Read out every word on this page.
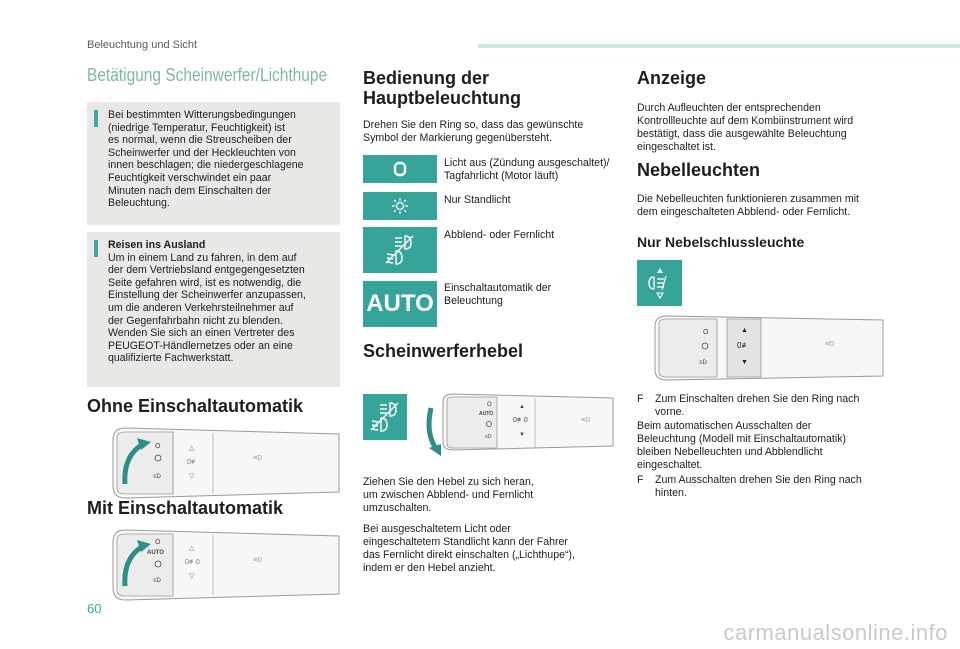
Beleuchtung und Sicht
Betätigung Scheinwerfer/Lichthupe

Bei bestimmten Witterungsbedingungen

(niedrige Temperatur, Feuchtigkeit) ist

es normal, wenn die Streuscheiben der

Scheinwerfer und der Heckleuchten von

innen beschlagen; die niedergeschlagene

Feuchtigkeit verschwindet ein paar

Minuten nach dem Einschalten der

Beleuchtung.

Reisen ins Ausland

Um in einem Land zu fahren, in dem auf

der dem Vertriebsland entgegengesetzten

Seite gefahren wird, ist es notwendig, die

Einstellung der Scheinwerfer anzupassen,

um die anderen Verkehrsteilnehmer auf

der Gegenfahrbahn nicht zu blenden.

Wenden Sie sich an einen Vertreter des

PEUGEOT-Händlernetzes oder an eine

qualifizierte Fachwerkstatt.

Ohne Einschaltautomatik
O
≡D
△
0≢
▽
≡D
Mit Einschaltautomatik
O
AUTO
≡D
△
0≢0
▽
≡D
Bedienung der
Hauptbeleuchtung
Drehen Sie den Ring so, dass das gewünschte
Symbol der Markierung gegenübersteht.
Licht aus (Zündung ausgeschaltet)/
Tagfahrlicht (Motor läuft)
Nur Standlicht
Abblend- oder Fernlicht
AUTO
Einschaltautomatik der
Beleuchtung
Scheinwerferhebel
O
AUTO
≡D
▲
0≢0
▼
≡D
Ziehen Sie den Hebel zu sich heran,
um zwischen Abblend- und Fernlicht
umzuschalten.
Bei ausgeschaltetem Licht oder
eingeschaltetem Standlicht kann der Fahrer
das Fernlicht direkt einschalten („Lichthupe“),
indem er den Hebel anzieht.
Anzeige
Durch Aufleuchten der entsprechenden
Kontrollleuchte auf dem Kombiinstrument wird
bestätigt, dass die ausgewählte Beleuchtung
eingeschaltet ist.
Nebelleuchten
Die Nebelleuchten funktionieren zusammen mit
dem eingeschalteten Abblend- oder Fernlicht.
Nur Nebelschlussleuchte
O
≡D
▲
0≢
▼
≡D
F Zum Einschalten drehen Sie den Ring nach
vorne.
Beim automatischen Ausschalten der
Beleuchtung (Modell mit Einschaltautomatik)
bleiben Nebelleuchten und Abblendlicht
eingeschaltet.
F Zum Ausschalten drehen Sie den Ring nach
hinten.
60
carmanualsonline.info
